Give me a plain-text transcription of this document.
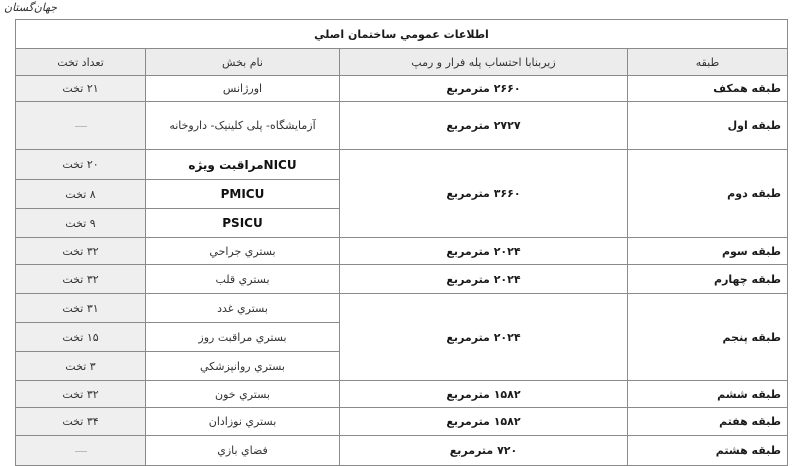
جهان‌گستان
اطلاعات عمومي ساختمان اصلي			
طبقه	زيربنابا احتساب پله فرار و رمپ	نام بخش	تعداد تخت
طبقه همكف	۲۶۶۰ مترمربع	اورژانس	۲۱ تخت
طبقه اول	۲۷۲۷ مترمربع	آزمایشگاه- پلی کلینیک- داروخانه	
طبقه دوم	۳۶۶۰ مترمربع	NICUمراقبت ويژه	۲۰ تخت
		PMICU	۸ تخت
		PSICU	۹ تخت
طبقه سوم	۲۰۲۴ مترمربع	بستري جراحي	۳۲ تخت
طبقه چهارم	۲۰۲۴ مترمربع	بستري قلب	۳۲ تخت
طبقه پنجم	۲۰۲۴ مترمربع	بستري غدد	۳۱ تخت
		بستري مراقبت روز	۱۵ تخت
		بستري روانپزشكي	۳ تخت
طبقه ششم	۱۵۸۲ مترمربع	بستري خون	۳۲ تخت
طبقه هفتم	۱۵۸۲ مترمربع	بستري نوزادان	۳۴ تخت
طبقه هشتم	۷۲۰ مترمربع	فضاي بازي	
